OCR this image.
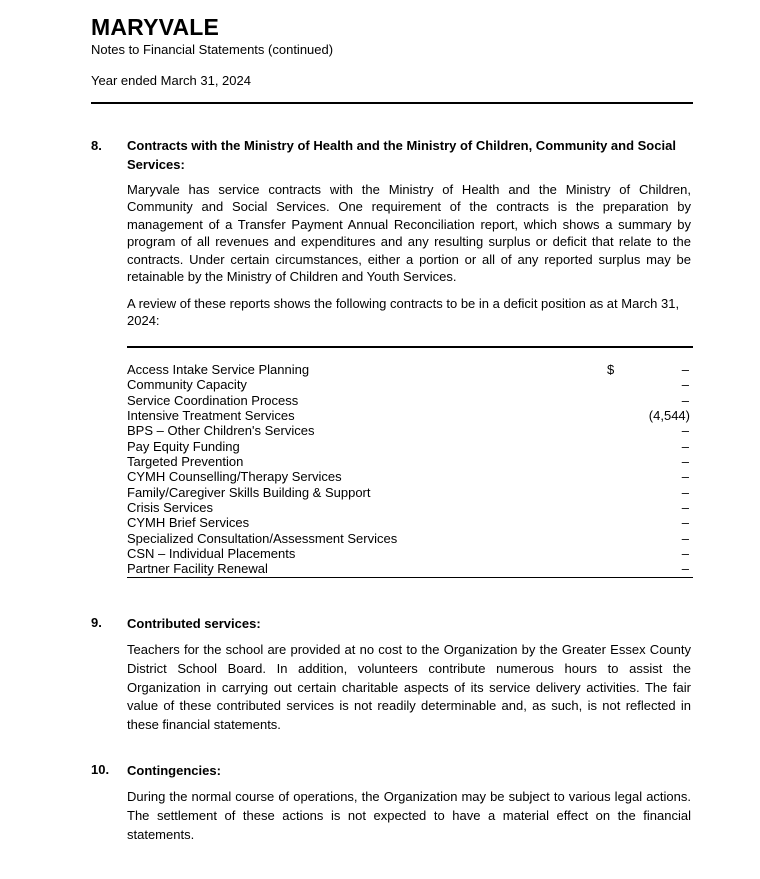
MARYVALE
Notes to Financial Statements (continued)
Year ended March 31, 2024
8. Contracts with the Ministry of Health and the Ministry of Children, Community and Social Services:
Maryvale has service contracts with the Ministry of Health and the Ministry of Children, Community and Social Services. One requirement of the contracts is the preparation by management of a Transfer Payment Annual Reconciliation report, which shows a summary by program of all revenues and expenditures and any resulting surplus or deficit that relate to the contracts. Under certain circumstances, either a portion or all of any reported surplus may be retainable by the Ministry of Children and Youth Services.
A review of these reports shows the following contracts to be in a deficit position as at March 31, 2024:
$
Access Intake Service Planning	–
Community Capacity	–
Service Coordination Process	–
Intensive Treatment Services	(4,544)
BPS – Other Children's Services	–
Pay Equity Funding	–
Targeted Prevention	–
CYMH Counselling/Therapy Services	–
Family/Caregiver Skills Building & Support	–
Crisis Services	–
CYMH Brief Services	–
Specialized Consultation/Assessment Services	–
CSN – Individual Placements	–
Partner Facility Renewal	–
9. Contributed services:
Teachers for the school are provided at no cost to the Organization by the Greater Essex County District School Board. In addition, volunteers contribute numerous hours to assist the Organization in carrying out certain charitable aspects of its service delivery activities. The fair value of these contributed services is not readily determinable and, as such, is not reflected in these financial statements.
10. Contingencies:
During the normal course of operations, the Organization may be subject to various legal actions. The settlement of these actions is not expected to have a material effect on the financial statements.
